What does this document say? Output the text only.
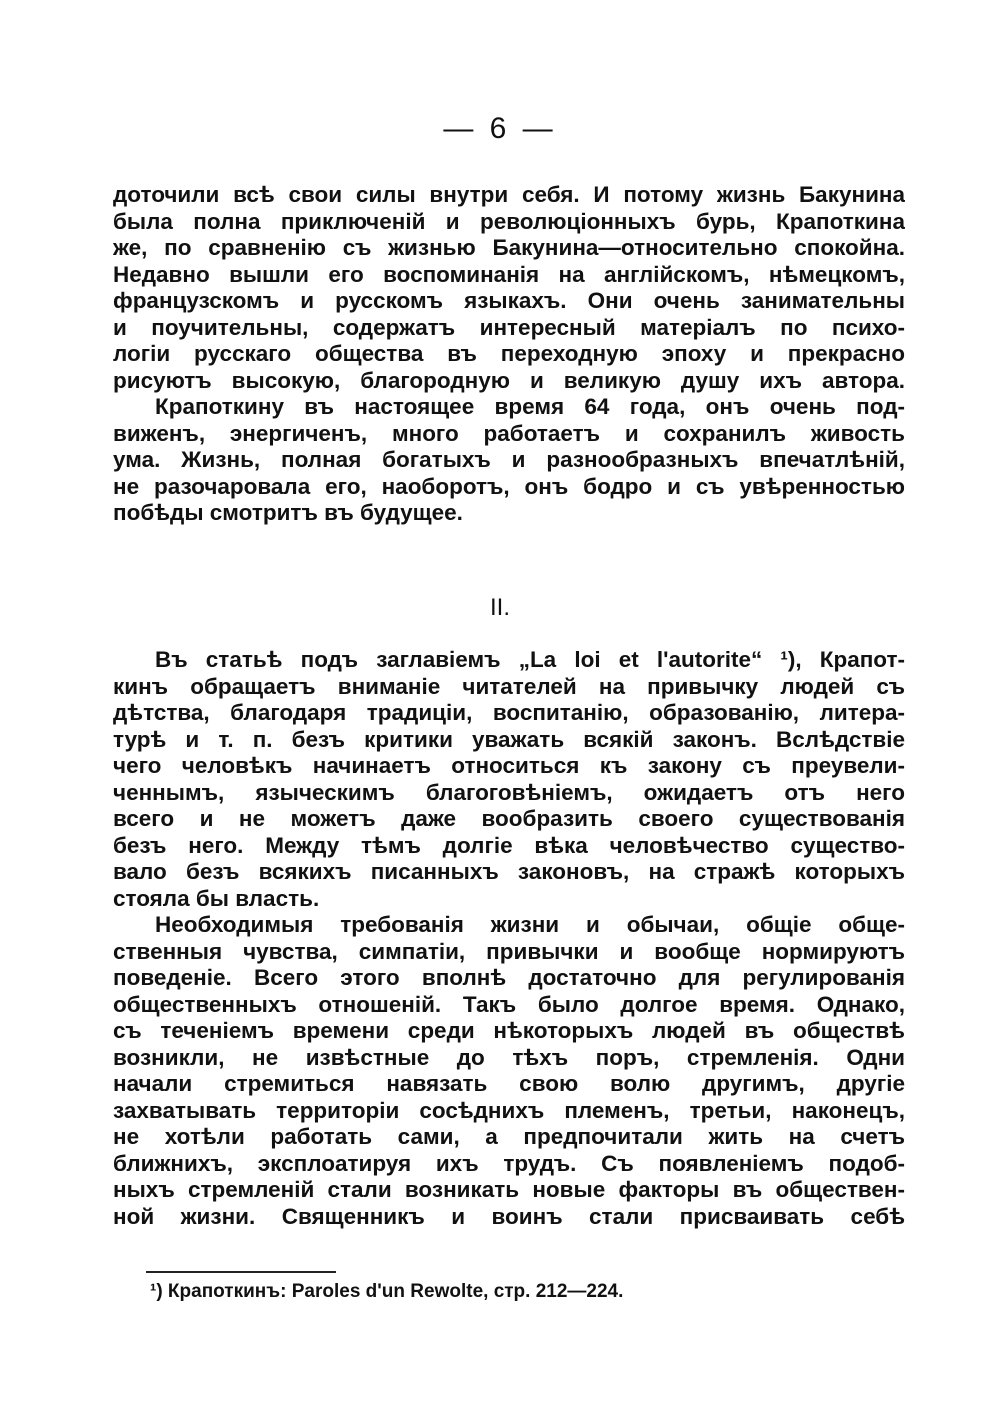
— 6 —
доточили всѣ свои силы внутри себя. И потому жизнь Бакунина
была полна приключеній и революціонныхъ бурь, Крапоткина
же, по сравненію съ жизнью Бакунина—относительно спокойна.
Недавно вышли его воспоминанія на англійскомъ, нѣмецкомъ,
французскомъ и русскомъ языкахъ. Они очень занимательны
и поучительны, содержатъ интересный матеріалъ по психо-
логіи русскаго общества въ переходную эпоху и прекрасно
рисуютъ высокую, благородную и великую душу ихъ автора.
Крапоткину въ настоящее время 64 года, онъ очень под-
виженъ, энергиченъ, много работаетъ и сохранилъ живость
ума. Жизнь, полная богатыхъ и разнообразныхъ впечатлѣній,
не разочаровала его, наоборотъ, онъ бодро и съ увѣренностью
побѣды смотритъ въ будущее.
II.
Въ статьѣ подъ заглавіемъ „La loi et l'autorite“ ¹), Крапот-
кинъ обращаетъ вниманіе читателей на привычку людей съ
дѣтства, благодаря традиціи, воспитанію, образованію, литера-
турѣ и т. п. безъ критики уважать всякій законъ. Вслѣдствіе
чего человѣкъ начинаетъ относиться къ закону съ преувели-
ченнымъ, языческимъ благоговѣніемъ, ожидаетъ отъ него
всего и не можетъ даже вообразить своего существованія
безъ него. Между тѣмъ долгіе вѣка человѣчество существо-
вало безъ всякихъ писанныхъ законовъ, на стражѣ которыхъ
стояла бы власть.
Необходимыя требованія жизни и обычаи, общіе обще-
ственныя чувства, симпатіи, привычки и вообще нормируютъ
поведеніе. Всего этого вполнѣ достаточно для регулированія
общественныхъ отношеній. Такъ было долгое время. Однако,
съ теченіемъ времени среди нѣкоторыхъ людей въ обществѣ
возникли, не извѣстные до тѣхъ поръ, стремленія. Одни
начали стремиться навязать свою волю другимъ, другіе
захватывать территоріи сосѣднихъ племенъ, третьи, наконецъ,
не хотѣли работать сами, а предпочитали жить на счетъ
ближнихъ, эксплоатируя ихъ трудъ. Съ появленіемъ подоб-
ныхъ стремленій стали возникать новые факторы въ обществен-
ной жизни. Священникъ и воинъ стали присваивать себѣ
¹) Крапоткинъ: Paroles d'un Rewolte, стр. 212—224.
